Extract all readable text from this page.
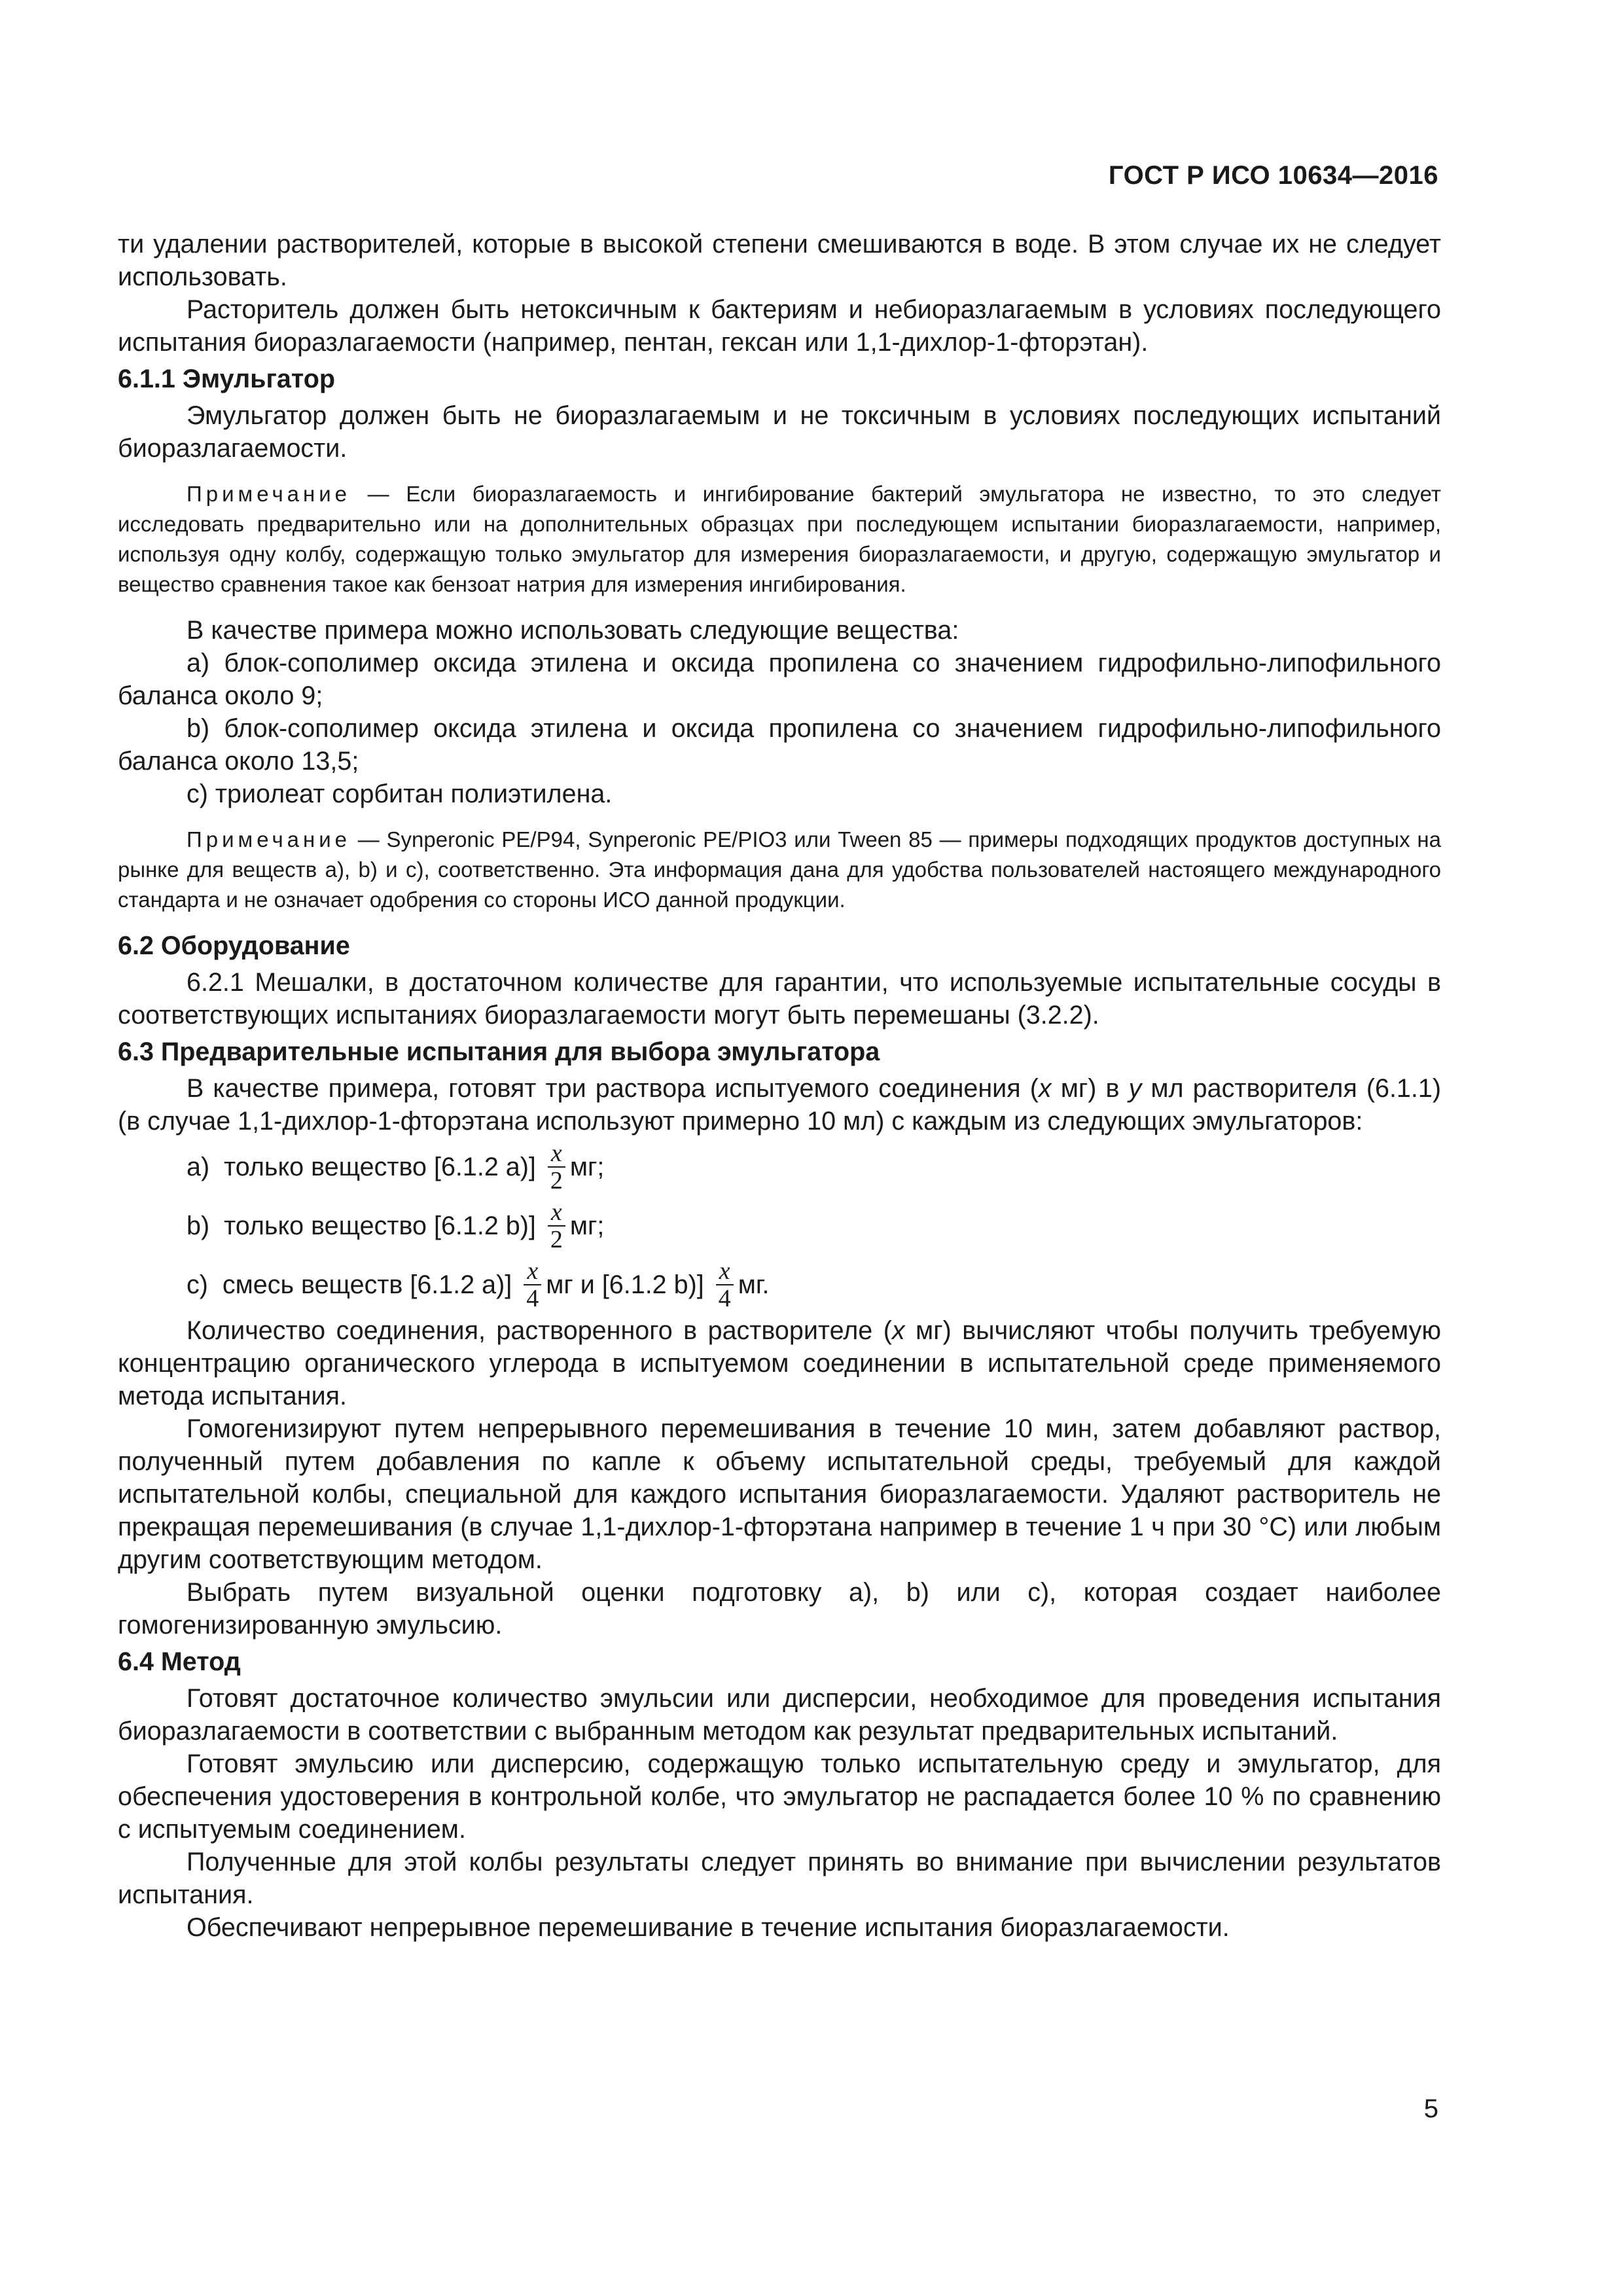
ГОСТ Р ИСО 10634—2016

ти удалении растворителей, которые в высокой степени смешиваются в воде. В этом случае их не следует использовать.

Расторитель должен быть нетоксичным к бактериям и небиоразлагаемым в условиях последующего испытания биоразлагаемости (например, пентан, гексан или 1,1-дихлор-1-фторэтан).

6.1.1 Эмульгатор

Эмульгатор должен быть не биоразлагаемым и не токсичным в условиях последующих испытаний биоразлагаемости.

Примечание — Если биоразлагаемость и ингибирование бактерий эмульгатора не известно, то это следует исследовать предварительно или на дополнительных образцах при последующем испытании биоразлагаемости, например, используя одну колбу, содержащую только эмульгатор для измерения биоразлагаемости, и другую, содержащую эмульгатор и вещество сравнения такое как бензоат натрия для измерения ингибирования.

В качестве примера можно использовать следующие вещества:

a) блок-сополимер оксида этилена и оксида пропилена со значением гидрофильно-липофильного баланса около 9;

b) блок-сополимер оксида этилена и оксида пропилена со значением гидрофильно-липофильного баланса около 13,5;

c) триолеат сорбитан полиэтилена.

Примечание — Synperonic PE/P94, Synperonic PE/PIO3 или Tween 85 — примеры подходящих продуктов доступных на рынке для веществ a), b) и c), соответственно. Эта информация дана для удобства пользователей настоящего международного стандарта и не означает одобрения со стороны ИСО данной продукции.

6.2 Оборудование

6.2.1 Мешалки, в достаточном количестве для гарантии, что используемые испытательные сосуды в соответствующих испытаниях биоразлагаемости могут быть перемешаны (3.2.2).

6.3 Предварительные испытания для выбора эмульгатора

В качестве примера, готовят три раствора испытуемого соединения (x мг) в y мл растворителя (6.1.1) (в случае 1,1-дихлор-1-фторэтана используют примерно 10 мл) с каждым из следующих эмульгаторов:

a)  только вещество [6.1.2 $a)] \frac{x}{2}$ мг;
b)  только вещество [6.1.2 $b)] \frac{x}{2}$ мг;
c)  смесь веществ [6.1.2 $a)] \frac{x}{4}$ мг и [6.1.2 $b)] \frac{x}{4}$ мг.

Количество соединения, растворенного в растворителе (x мг) вычисляют чтобы получить требуемую концентрацию органического углерода в испытуемом соединении в испытательной среде применяемого метода испытания.

Гомогенизируют путем непрерывного перемешивания в течение 10 мин, затем добавляют раствор, полученный путем добавления по капле к объему испытательной среды, требуемый для каждой испытательной колбы, специальной для каждого испытания биоразлагаемости. Удаляют растворитель не прекращая перемешивания (в случае 1,1-дихлор-1-фторэтана например в течение 1 ч при 30 °C) или любым другим соответствующим методом.

Выбрать путем визуальной оценки подготовку a), b) или c), которая создает наиболее гомогенизированную эмульсию.

6.4 Метод

Готовят достаточное количество эмульсии или дисперсии, необходимое для проведения испытания биоразлагаемости в соответствии с выбранным методом как результат предварительных испытаний.

Готовят эмульсию или дисперсию, содержащую только испытательную среду и эмульгатор, для обеспечения удостоверения в контрольной колбе, что эмульгатор не распадается более 10 % по сравнению с испытуемым соединением.

Полученные для этой колбы результаты следует принять во внимание при вычислении результатов испытания.

Обеспечивают непрерывное перемешивание в течение испытания биоразлагаемости.

5
